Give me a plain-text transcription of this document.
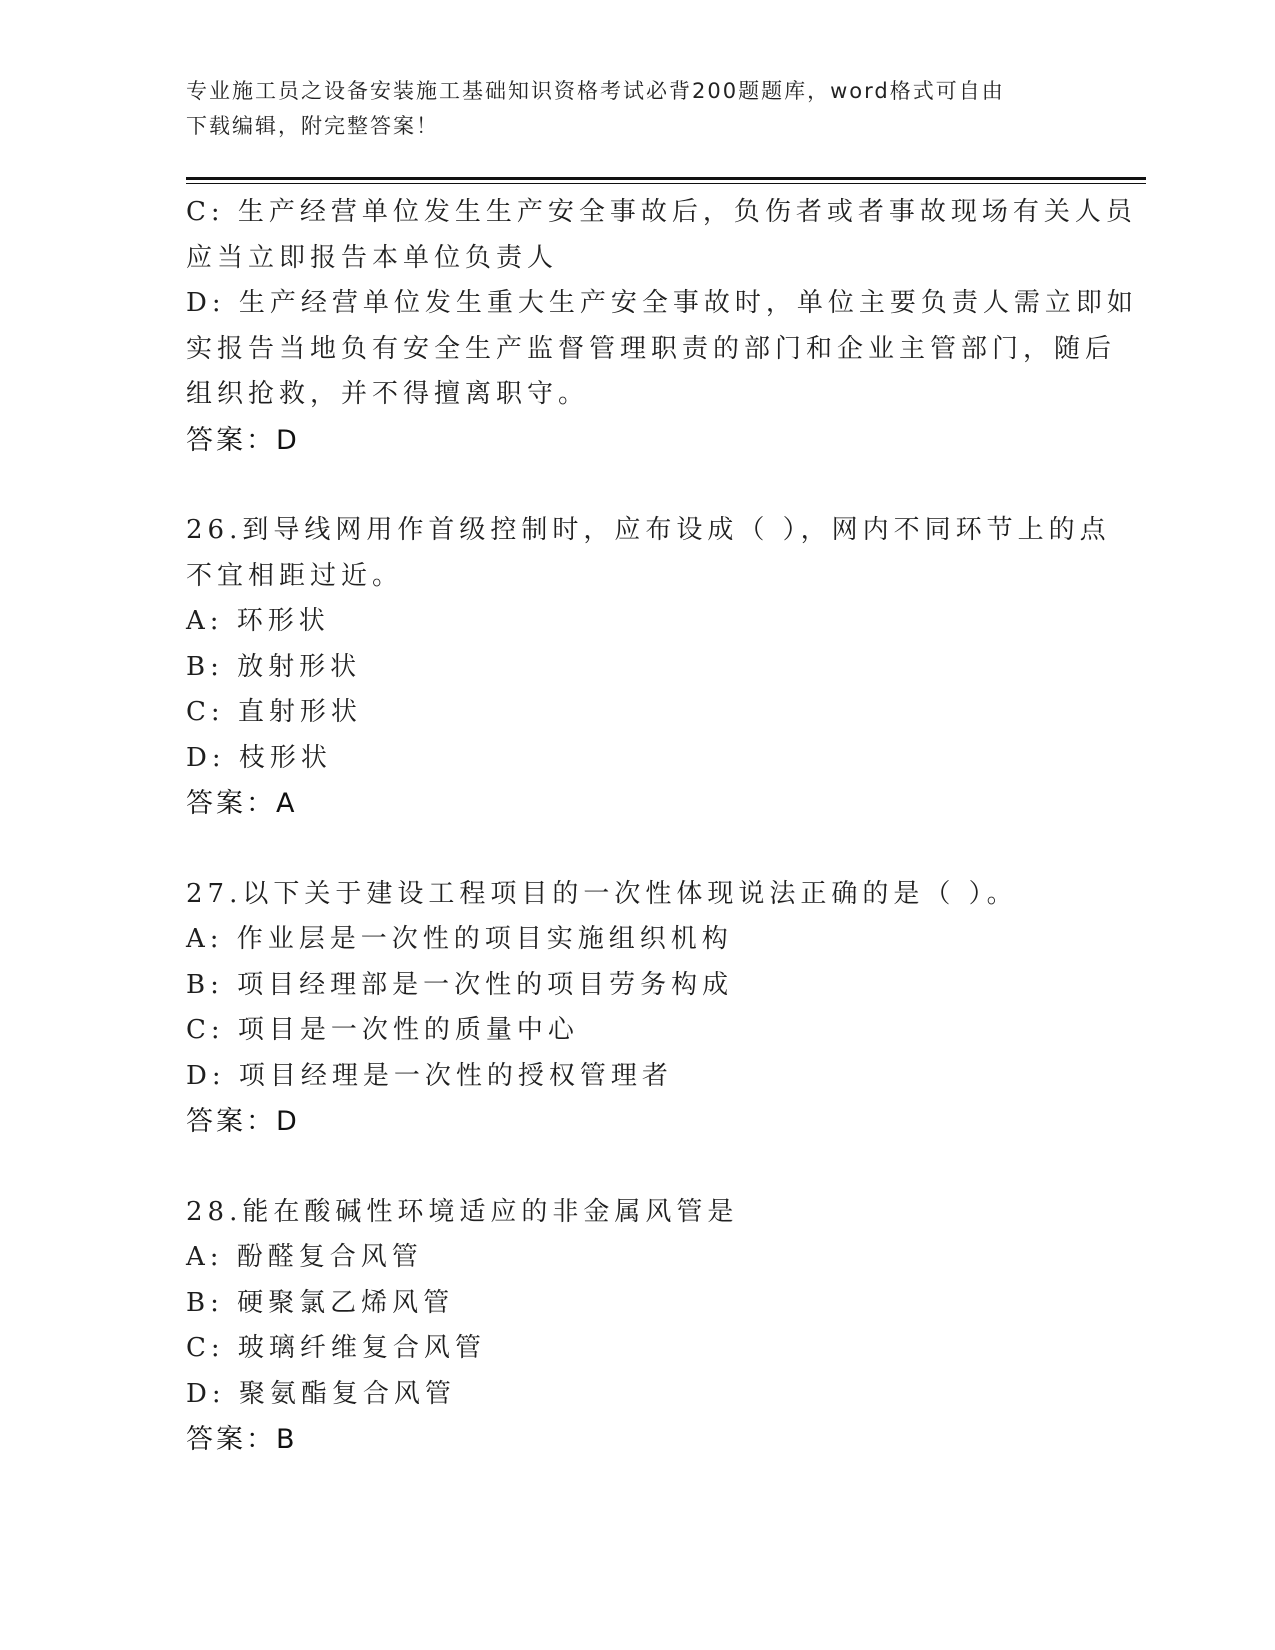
专业施工员之设备安装施工基础知识资格考试必背200题题库，word格式可自由
下载编辑，附完整答案！
C: 生产经营单位发生生产安全事故后，负伤者或者事故现场有关人员
应当立即报告本单位负责人
D: 生产经营单位发生重大生产安全事故时，单位主要负责人需立即如
实报告当地负有安全生产监督管理职责的部门和企业主管部门，随后
组织抢救，并不得擅离职守。
答案：D
26.到导线网用作首级控制时，应布设成（ ），网内不同环节上的点
不宜相距过近。
A: 环形状
B: 放射形状
C: 直射形状
D: 枝形状
答案：A
27.以下关于建设工程项目的一次性体现说法正确的是（ ）。
A: 作业层是一次性的项目实施组织机构
B: 项目经理部是一次性的项目劳务构成
C: 项目是一次性的质量中心
D: 项目经理是一次性的授权管理者
答案：D
28.能在酸碱性环境适应的非金属风管是
A: 酚醛复合风管
B: 硬聚氯乙烯风管
C: 玻璃纤维复合风管
D: 聚氨酯复合风管
答案：B
